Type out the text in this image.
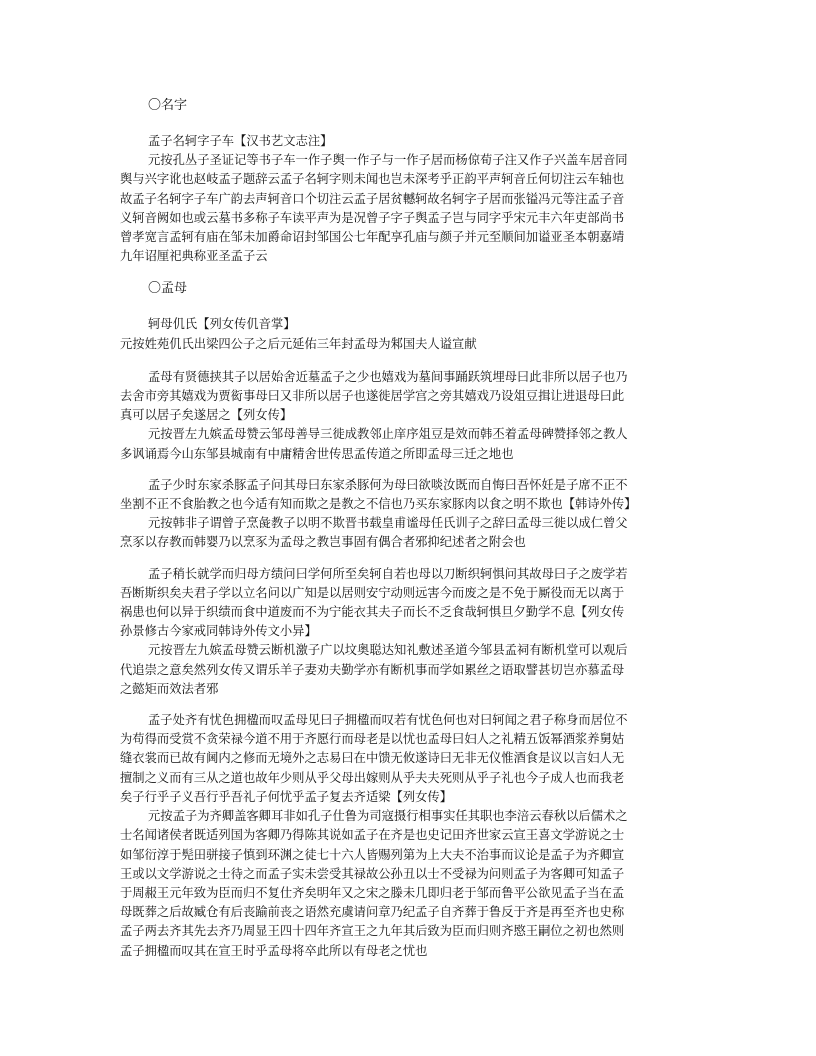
〇名字

孟子名轲字子车【汉书艺文志注】

元按孔丛子圣证记等书子车一作子舆一作子与一作子居而杨倞荀子注又作子兴盖车居音同
舆与兴字讹也赵岐孟子题辞云孟子名轲字则未闻也岂未深考乎正韵平声轲音丘何切注云车轴也
故孟子名轲字子车广韵去声轲音口个切注云孟子居贫轗轲故名轲字子居而张镒冯元等注孟子音
义轲音阙如也或云墓书多称子车读平声为是况曾子字子舆孟子岂与同字乎宋元丰六年吏部尚书
曾孝宽言孟轲有庙在邹未加爵命诏封邹国公七年配享孔庙与颜子并元至顺间加谥亚圣本朝嘉靖
九年诏厘祀典称亚圣孟子云

〇孟母

轲母仉氏【列女传仉音掌】
元按姓苑仉氏出梁四公子之后元延佑三年封孟母为邾国夫人谥宣献

孟母有贤德挟其子以居始舍近墓孟子之少也嬉戏为墓间事踊跃筑埋母曰此非所以居子也乃
去舍市旁其嬉戏为贾衒事母曰又非所以居子也遂徙居学宫之旁其嬉戏乃设俎豆揖让进退母曰此
真可以居子矣遂居之【列女传】

元按晋左九嫔孟母赞云邹母善导三徙成教邻止庠序俎豆是效而韩丕着孟母碑赞择邻之教人
多讽诵焉今山东邹县城南有中庸精舍世传思孟传道之所即孟母三迁之地也

孟子少时东家杀豚孟子问其母曰东家杀豚何为母曰欲啖汝既而自悔曰吾怀妊是子席不正不
坐割不正不食胎教之也今适有知而欺之是教之不信也乃买东家豚肉以食之明不欺也【韩诗外传】

元按韩非子谓曾子烹彘教子以明不欺晋书载皇甫谧母任氏训子之辞曰孟母三徙以成仁曾父
烹豕以存教而韩婴乃以烹豕为孟母之教岂事固有偶合者邪抑纪述者之附会也

孟子稍长就学而归母方绩问曰学何所至矣轲自若也母以刀断织轲惧问其故母曰子之废学若
吾断斯织矣夫君子学以立名问以广知是以居则安宁动则远害今而废之是不免于厮役而无以离于
祸患也何以异于织绩而食中道废而不为宁能衣其夫子而长不乏食哉轲惧旦夕勤学不息【列女传
孙景修古今家戒同韩诗外传文小异】

元按晋左九嫔孟母赞云断机激子广以坟奥聪达知礼敷述圣道今邹县孟祠有断机堂可以观后
代追崇之意矣然列女传又谓乐羊子妻劝夫勤学亦有断机事而学如累丝之语取譬甚切岂亦慕孟母
之懿矩而效法者邪

孟子处齐有忧色拥楹而叹孟母见曰子拥楹而叹若有忧色何也对曰轲闻之君子称身而居位不
为苟得而受赏不贪荣禄今道不用于齐愿行而母老是以忧也孟母曰妇人之礼精五饭幂酒浆养舅姑
缝衣裳而已故有阃内之修而无境外之志易曰在中馈无攸遂诗曰无非无仪惟酒食是议以言妇人无
擅制之义而有三从之道也故年少则从乎父母出嫁则从乎夫夫死则从乎子礼也今子成人也而我老
矣子行乎子义吾行乎吾礼子何忧乎孟子复去齐适梁【列女传】

元按孟子为齐卿盖客卿耳非如孔子仕鲁为司寇摄行相事实任其职也李涪云春秋以后儒术之
士名闻诸侯者既适列国为客卿乃得陈其说如孟子在齐是也史记田齐世家云宣王喜文学游说之士
如邹衍淳于髡田骈接子慎到环渊之徒七十六人皆赐列第为上大夫不治事而议论是孟子为齐卿宣
王或以文学游说之士待之而孟子实未尝受其禄故公孙丑以士不受禄为问则孟子为客卿可知孟子
于周赧王元年致为臣而归不复仕齐矣明年又之宋之滕未几即归老于邹而鲁平公欲见孟子当在孟
母既葬之后故臧仓有后丧踰前丧之语然充虞请问章乃纪孟子自齐葬于鲁反于齐是再至齐也史称
孟子两去齐其先去齐乃周显王四十四年齐宣王之九年其后致为臣而归则齐愍王嗣位之初也然则
孟子拥楹而叹其在宣王时乎孟母将卒此所以有母老之忧也
